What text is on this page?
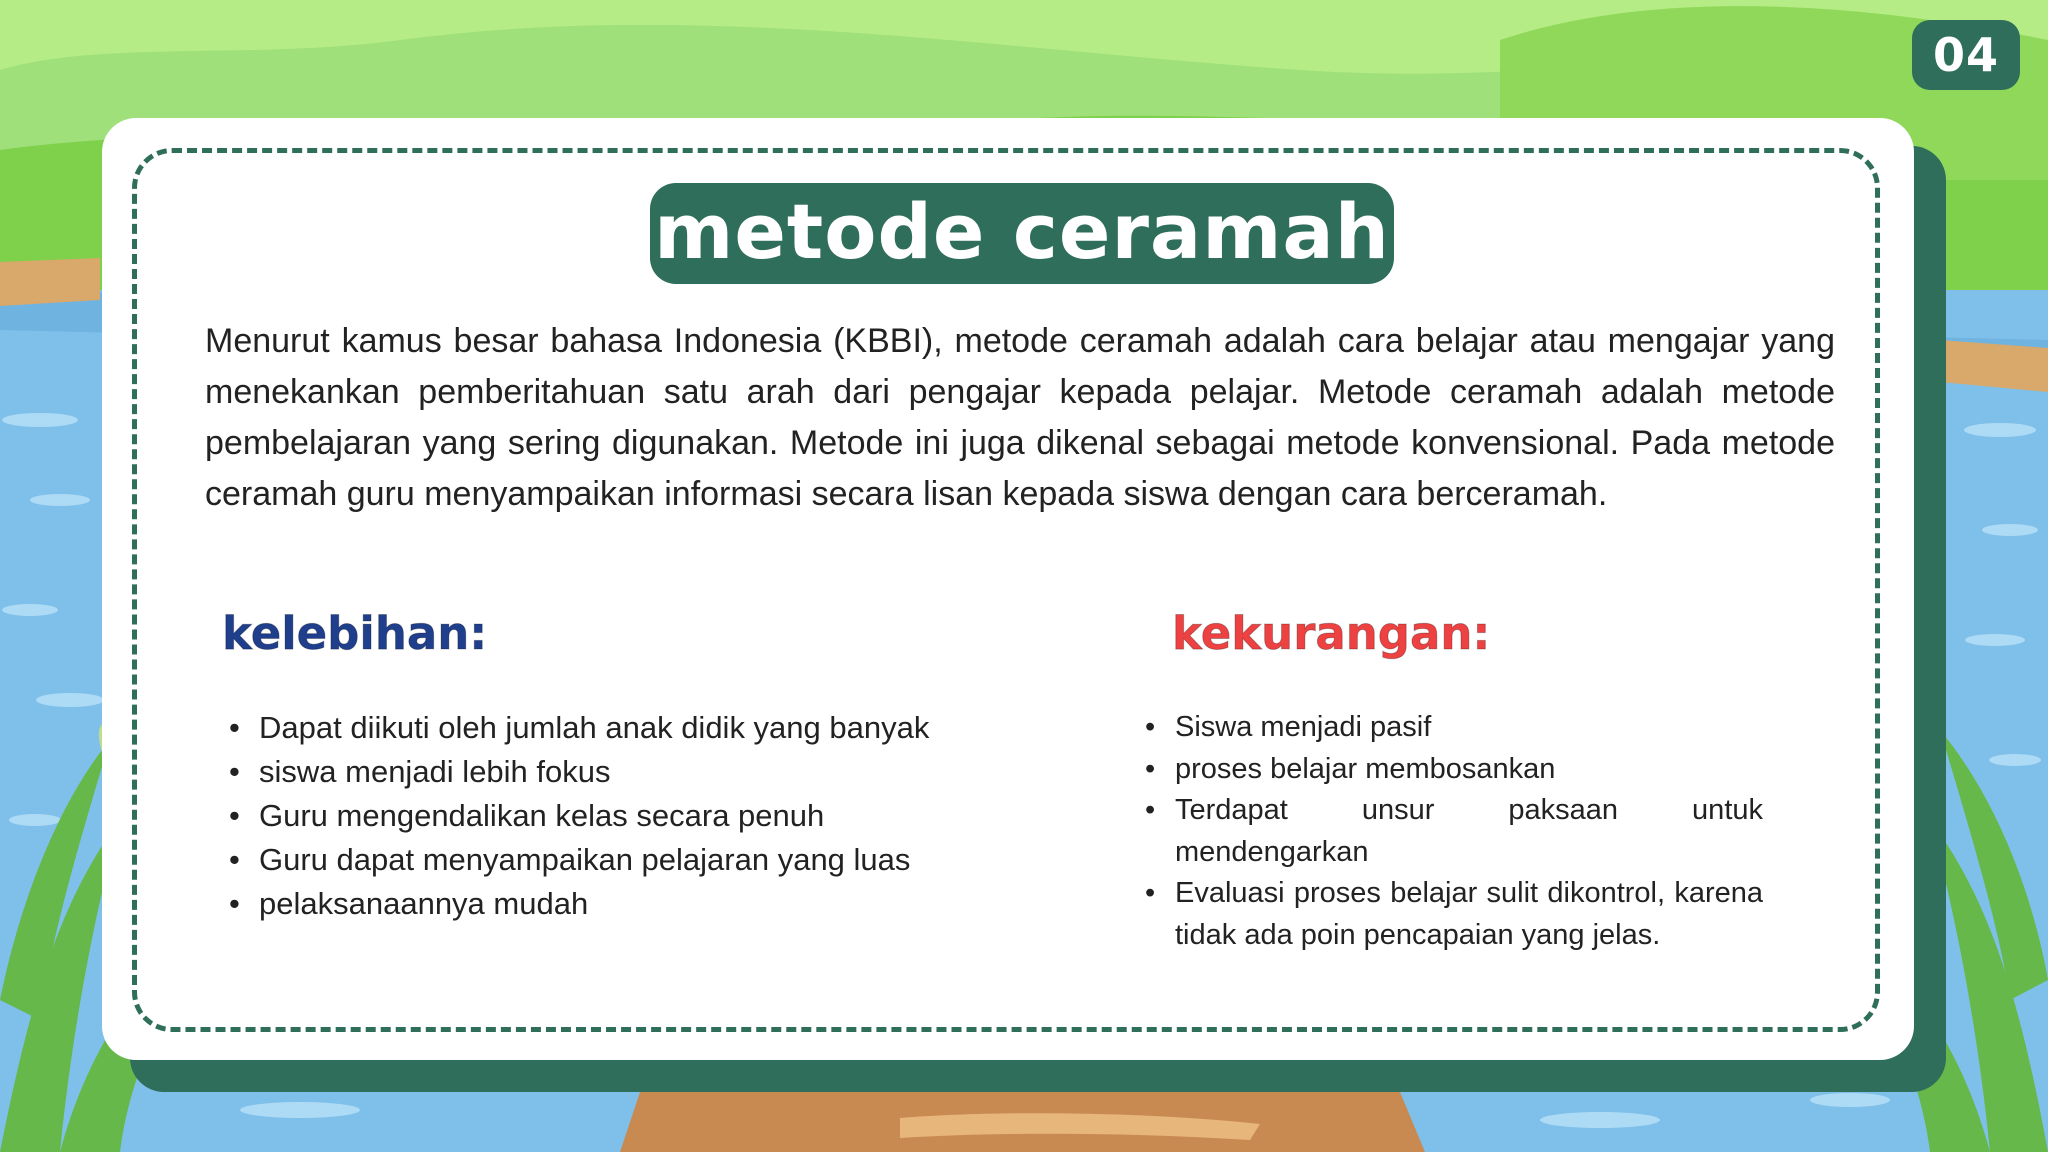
04
metode ceramah
Menurut kamus besar bahasa Indonesia (KBBI), metode ceramah adalah cara belajar atau mengajar yang menekankan pemberitahuan satu arah dari pengajar kepada pelajar. Metode ceramah adalah metode pembelajaran yang sering digunakan. Metode ini juga dikenal sebagai metode konvensional. Pada metode ceramah guru menyampaikan informasi secara lisan kepada siswa dengan cara berceramah.
kelebihan:	kekurangan:
• Dapat diikuti oleh jumlah anak didik yang banyak
• siswa menjadi lebih fokus
• Guru mengendalikan kelas secara penuh
• Guru dapat menyampaikan pelajaran yang luas
• pelaksanaannya mudah
• Siswa menjadi pasif
• proses belajar membosankan
• Terdapat unsur paksaan untuk mendengarkan
• Evaluasi proses belajar sulit dikontrol, karena tidak ada poin pencapaian yang jelas.
